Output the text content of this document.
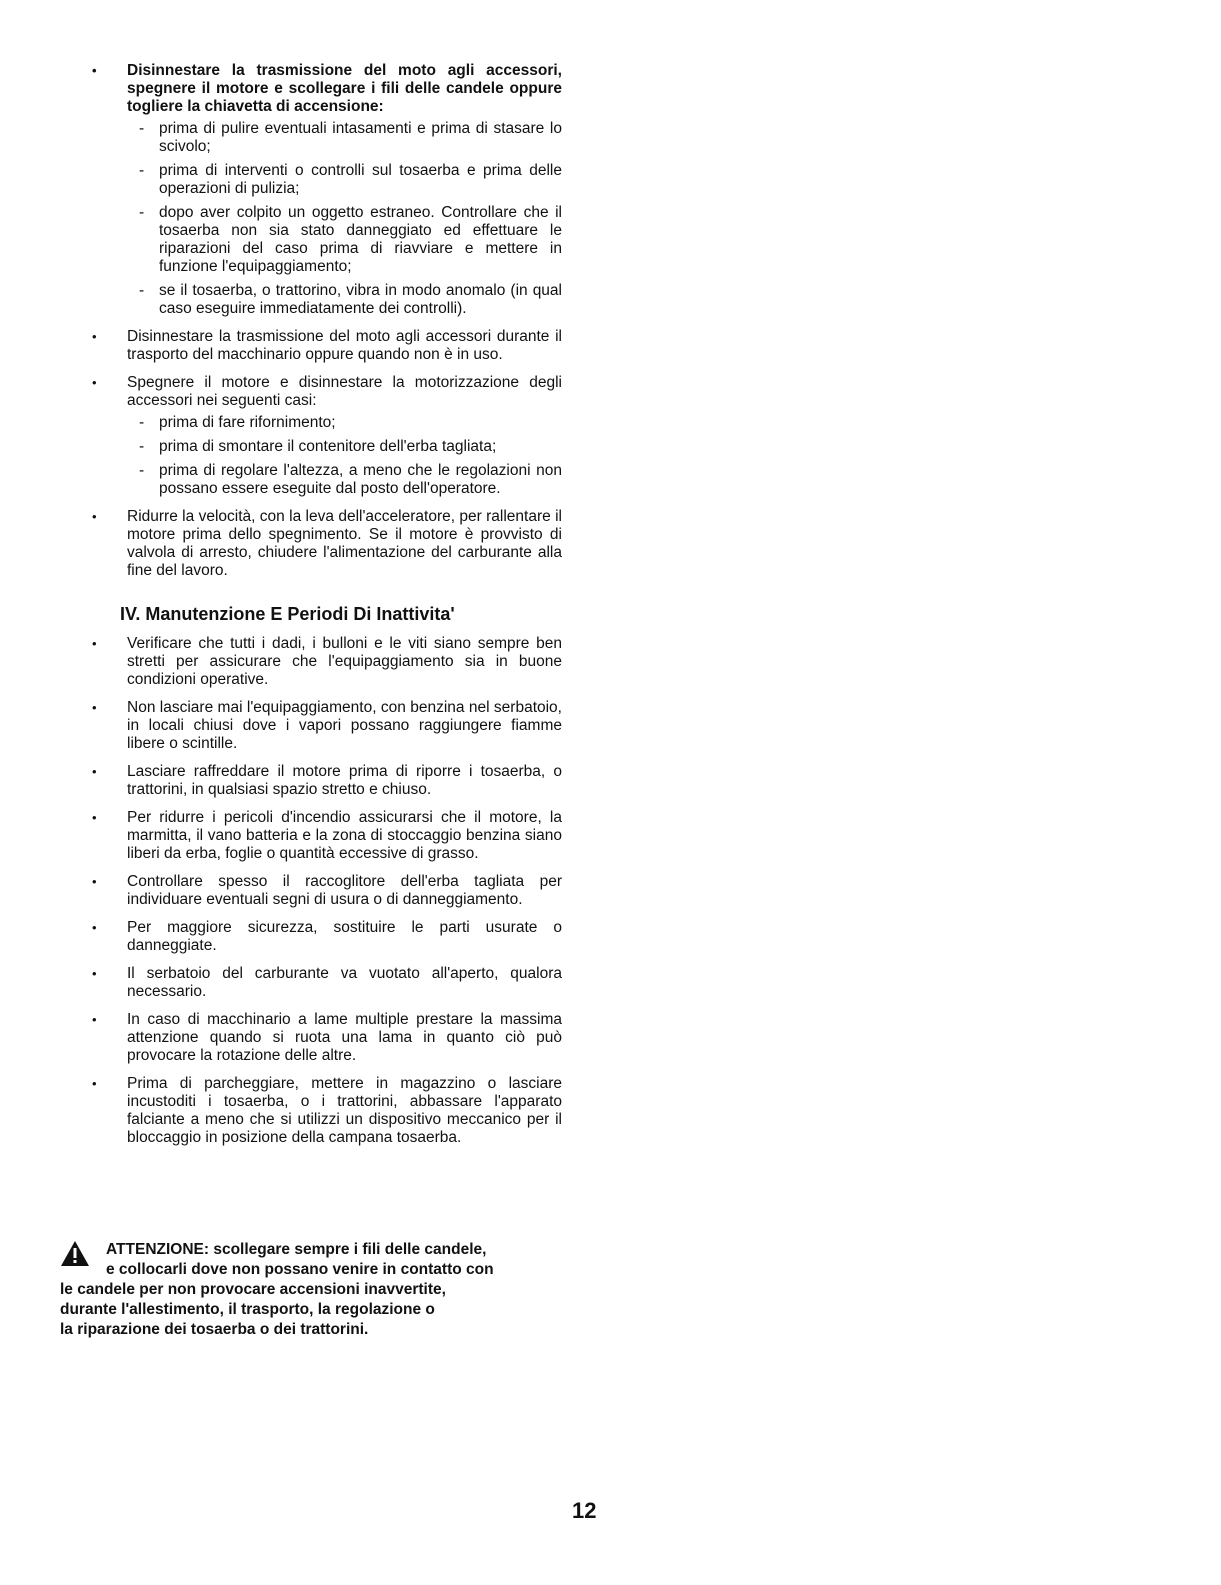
• Disinnestare la trasmissione del moto agli accessori, spegnere il motore e scollegare i fili delle candele oppure togliere la chiavetta di accensione:
- prima di pulire eventuali intasamenti e prima di stasare lo scivolo;
- prima di interventi o controlli sul tosaerba e prima delle operazioni di pulizia;
- dopo aver colpito un oggetto estraneo. Controllare che il tosaerba non sia stato danneggiato ed effettuare le riparazioni del caso prima di riavviare e mettere in funzione l'equipaggiamento;
- se il tosaerba, o trattorino, vibra in modo anomalo (in qual caso eseguire immediatamente dei controlli).
• Disinnestare la trasmissione del moto agli accessori durante il trasporto del macchinario oppure quando non è in uso.
• Spegnere il motore e disinnestare la motorizzazione degli accessori nei seguenti casi:
- prima di fare rifornimento;
- prima di smontare il contenitore dell'erba tagliata;
- prima di regolare l'altezza, a meno che le regolazioni non possano essere eseguite dal posto dell'operatore.
• Ridurre la velocità, con la leva dell'acceleratore, per rallentare il motore prima dello spegnimento. Se il motore è provvisto di valvola di arresto, chiudere l'alimentazione del carburante alla fine del lavoro.
IV. Manutenzione E Periodi Di Inattivita'
• Verificare che tutti i dadi, i bulloni e le viti siano sempre ben stretti per assicurare che l'equipaggiamento sia in buone condizioni operative.
• Non lasciare mai l'equipaggiamento, con benzina nel serbatoio, in locali chiusi dove i vapori possano raggiungere fiamme libere o scintille.
• Lasciare raffreddare il motore prima di riporre i tosaerba, o trattorini, in qualsiasi spazio stretto e chiuso.
• Per ridurre i pericoli d'incendio assicurarsi che il motore, la marmitta, il vano batteria e la zona di stoccaggio benzina siano liberi da erba, foglie o quantità eccessive di grasso.
• Controllare spesso il raccoglitore dell'erba tagliata per individuare eventuali segni di usura o di danneggiamento.
• Per maggiore sicurezza, sostituire le parti usurate o danneggiate.
• Il serbatoio del carburante va vuotato all'aperto, qualora necessario.
• In caso di macchinario a lame multiple prestare la massima attenzione quando si ruota una lama in quanto ciò può provocare la rotazione delle altre.
• Prima di parcheggiare, mettere in magazzino o lasciare incustoditi i tosaerba, o i trattorini, abbassare l'apparato falciante a meno che si utilizzi un dispositivo meccanico per il bloccaggio in posizione della campana tosaerba.
ATTENZIONE: scollegare sempre i fili delle candele,
e collocarli dove non possano venire in contatto con
le candele per non provocare accensioni inavvertite,
durante l'allestimento, il trasporto, la regolazione o
la riparazione dei tosaerba o dei trattorini.
12
